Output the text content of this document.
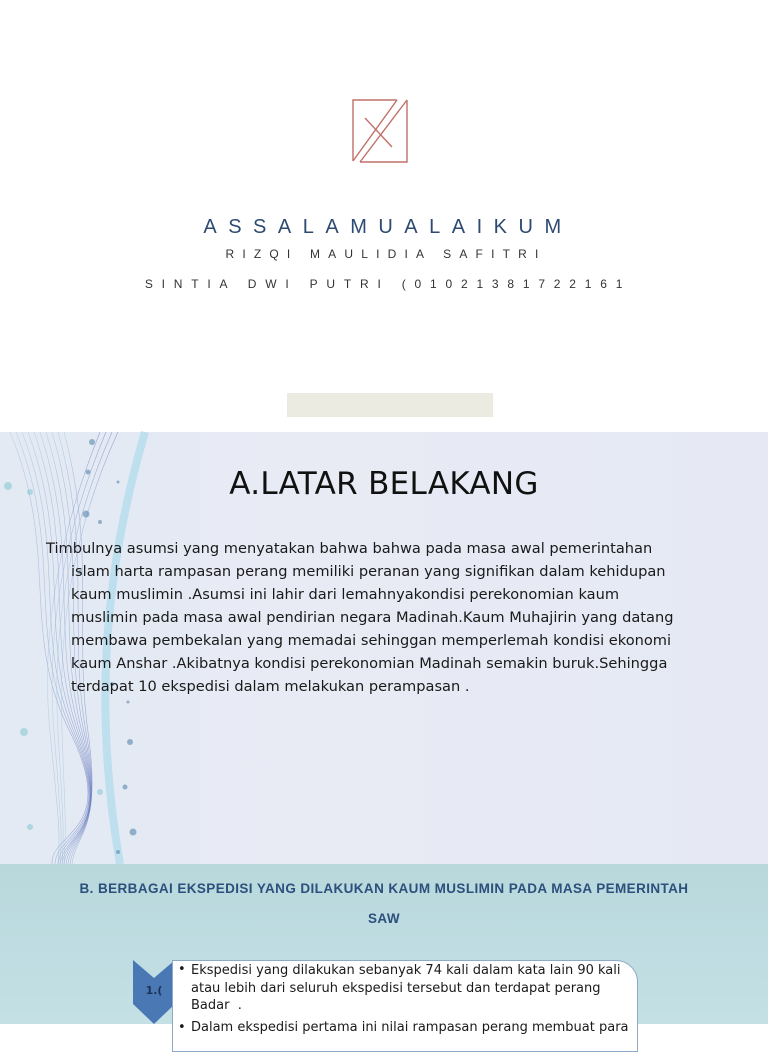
ASSALAMUALAIKUM
RIZQI MAULIDIA SAFITRI
SINTIA DWI PUTRI (01021381722161
A.LATAR BELAKANG
Timbulnya asumsi yang menyatakan bahwa bahwa pada masa awal pemerintahan
islam harta rampasan perang memiliki peranan yang signifikan dalam kehidupan
kaum muslimin .Asumsi ini lahir dari lemahnyakondisi perekonomian kaum
muslimin pada masa awal pendirian negara Madinah.Kaum Muhajirin yang datang
membawa pembekalan yang memadai sehinggan memperlemah kondisi ekonomi
kaum Anshar .Akibatnya kondisi perekonomian Madinah semakin buruk.Sehingga
terdapat 10 ekspedisi dalam melakukan perampasan .
B. BERBAGAI EKSPEDISI YANG DILAKUKAN KAUM MUSLIMIN PADA MASA PEMERINTAH
SAW
1.(
• Ekspedisi yang dilakukan sebanyak 74 kali dalam kata lain 90 kali
atau lebih dari seluruh ekspedisi tersebut dan terdapat perang
Badar  .
• Dalam ekspedisi pertama ini nilai rampasan perang membuat para
